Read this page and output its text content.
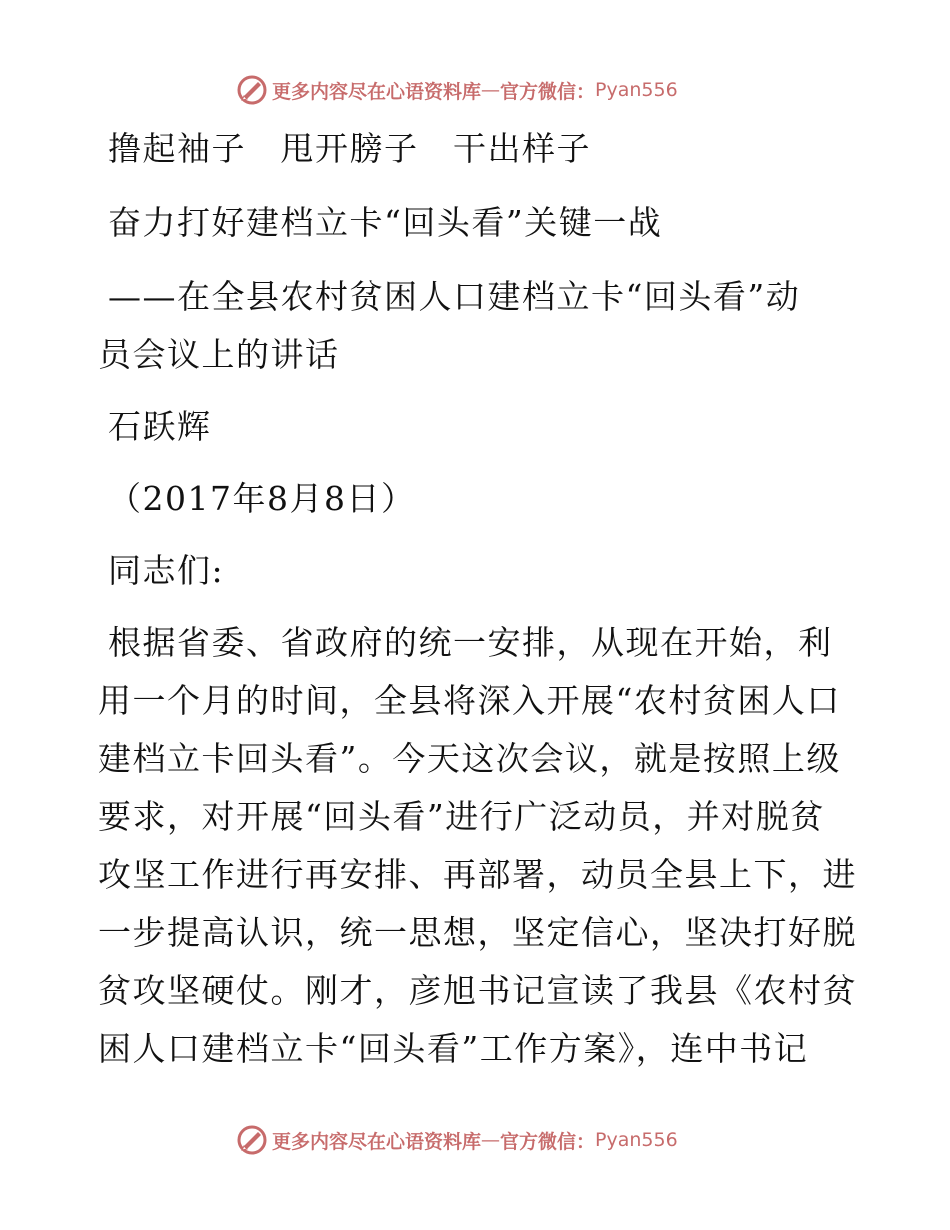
更多内容尽在心语资料库 — 官方微信： Pyan556
撸起袖子　甩开膀子　干出样子
奋力打好建档立卡“回头看”关键一战
——在全县农村贫困人口建档立卡“回头看”动
员会议上的讲话
石跃辉
（2017年8月8日）
同志们:
根据省委、省政府的统一安排，从现在开始，利
用一个月的时间，全县将深入开展“农村贫困人口
建档立卡回头看”。今天这次会议，就是按照上级
要求，对开展“回头看”进行广泛动员，并对脱贫
攻坚工作进行再安排、再部署，动员全县上下，进
一步提高认识，统一思想，坚定信心，坚决打好脱
贫攻坚硬仗。刚才，彦旭书记宣读了我县《农村贫
困人口建档立卡“回头看”工作方案》，连中书记
更多内容尽在心语资料库 — 官方微信： Pyan556
